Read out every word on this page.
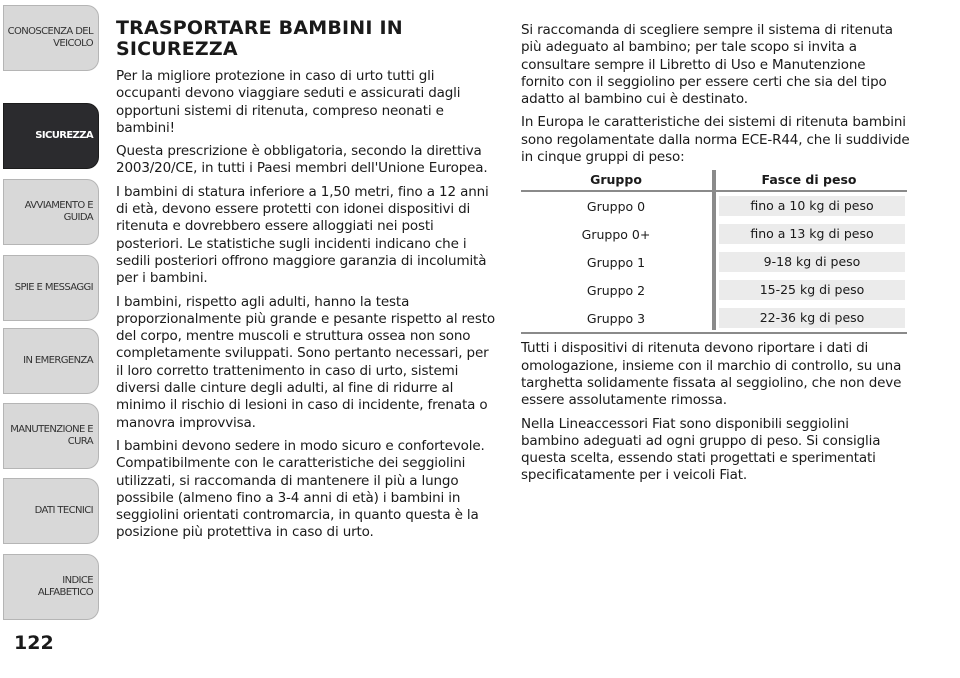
CONOSCENZA DEL VEICOLO
SICUREZZA
AVVIAMENTO E GUIDA
SPIE E MESSAGGI
IN EMERGENZA
MANUTENZIONE E CURA
DATI TECNICI
INDICE ALFABETICO
122
TRASPORTARE BAMBINI IN SICUREZZA

Per la migliore protezione in caso di urto tutti gli occupanti devono viaggiare seduti e assicurati dagli opportuni sistemi di ritenuta, compreso neonati e bambini!

Questa prescrizione è obbligatoria, secondo la direttiva 2003/20/CE, in tutti i Paesi membri dell'Unione Europea.

I bambini di statura inferiore a 1,50 metri, fino a 12 anni di età, devono essere protetti con idonei dispositivi di ritenuta e dovrebbero essere alloggiati nei posti posteriori. Le statistiche sugli incidenti indicano che i sedili posteriori offrono maggiore garanzia di incolumità per i bambini.

I bambini, rispetto agli adulti, hanno la testa proporzionalmente più grande e pesante rispetto al resto del corpo, mentre muscoli e struttura ossea non sono completamente sviluppati. Sono pertanto necessari, per il loro corretto trattenimento in caso di urto, sistemi diversi dalle cinture degli adulti, al fine di ridurre al minimo il rischio di lesioni in caso di incidente, frenata o manovra improvvisa.

I bambini devono sedere in modo sicuro e confortevole. Compatibilmente con le caratteristiche dei seggiolini utilizzati, si raccomanda di mantenere il più a lungo possibile (almeno fino a 3-4 anni di età) i bambini in seggiolini orientati contromarcia, in quanto questa è la posizione più protettiva in caso di urto.

Si raccomanda di scegliere sempre il sistema di ritenuta più adeguato al bambino; per tale scopo si invita a consultare sempre il Libretto di Uso e Manutenzione fornito con il seggiolino per essere certi che sia del tipo adatto al bambino cui è destinato.

In Europa le caratteristiche dei sistemi di ritenuta bambini sono regolamentate dalla norma ECE-R44, che li suddivide in cinque gruppi di peso:

Gruppo	Fasce di peso
Gruppo 0	fino a 10 kg di peso
Gruppo 0+	fino a 13 kg di peso
Gruppo 1	9-18 kg di peso
Gruppo 2	15-25 kg di peso
Gruppo 3	22-36 kg di peso

Tutti i dispositivi di ritenuta devono riportare i dati di omologazione, insieme con il marchio di controllo, su una targhetta solidamente fissata al seggiolino, che non deve essere assolutamente rimossa.

Nella Lineaccessori Fiat sono disponibili seggiolini bambino adeguati ad ogni gruppo di peso. Si consiglia questa scelta, essendo stati progettati e sperimentati specificatamente per i veicoli Fiat.
